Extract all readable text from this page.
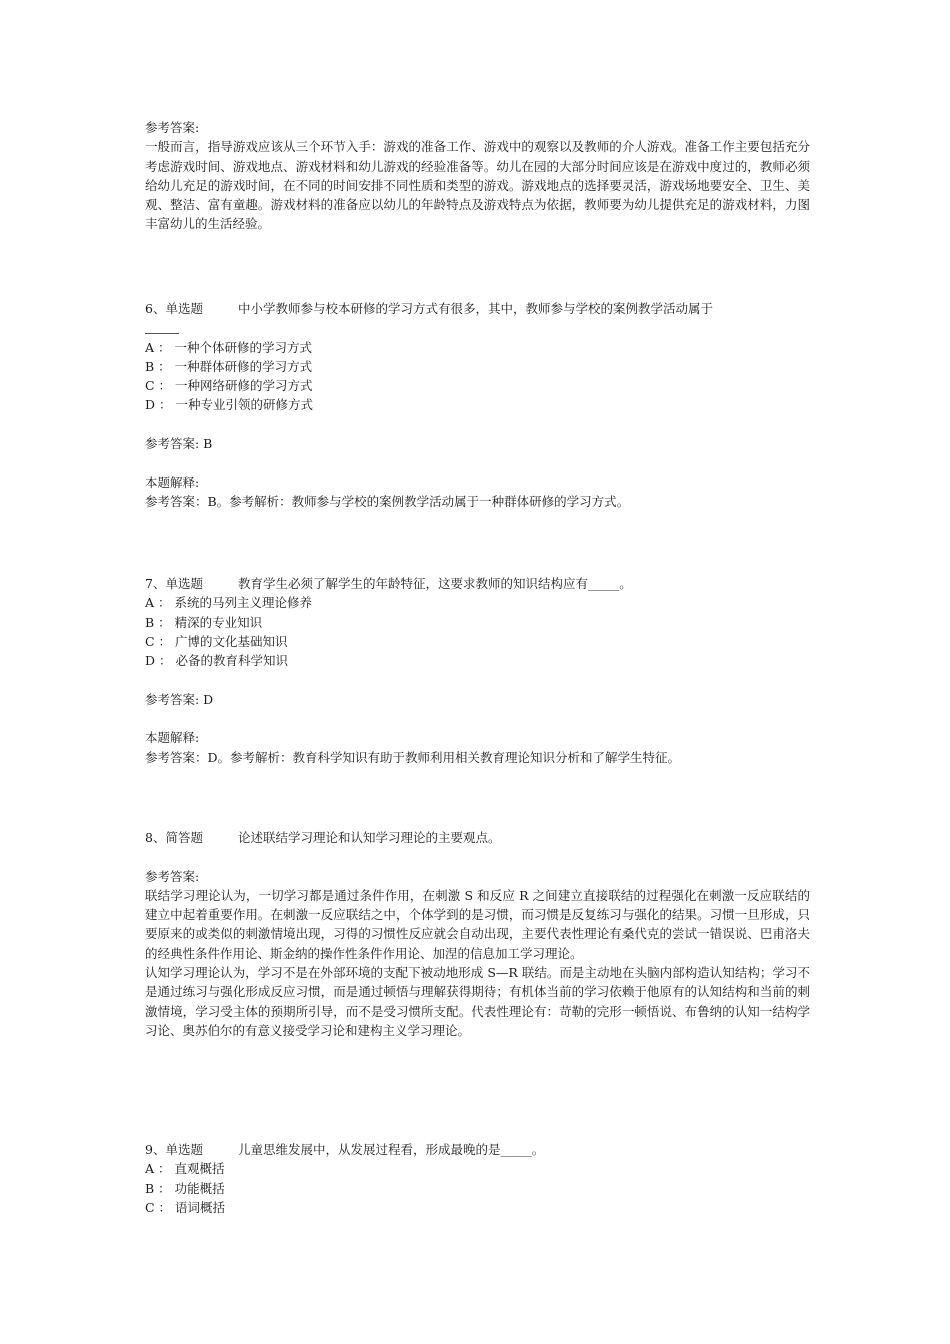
参考答案:
一般而言，指导游戏应该从三个环节入手：游戏的准备工作、游戏中的观察以及教师的介人游戏。准备工作主要包括充分考虑游戏时间、游戏地点、游戏材料和幼儿游戏的经验准备等。幼儿在园的大部分时间应该是在游戏中度过的，教师必须给幼儿充足的游戏时间，在不同的时间安排不同性质和类型的游戏。游戏地点的选择要灵活，游戏场地要安全、卫生、美观、整洁、富有童趣。游戏材料的准备应以幼儿的年龄特点及游戏特点为依据，教师要为幼儿提供充足的游戏材料，力图丰富幼儿的生活经验。
6、单选题	中小学教师参与校本研修的学习方式有很多，其中，教师参与学校的案例教学活动属于
A ： 一种个体研修的学习方式
B ： 一种群体研修的学习方式
C ： 一种网络研修的学习方式
D ： 一种专业引领的研修方式
参考答案: B
本题解释:
参考答案：B。参考解析：教师参与学校的案例教学活动属于一种群体研修的学习方式。
7、单选题	教育学生必须了解学生的年龄特征，这要求教师的知识结构应有_____。
A ： 系统的马列主义理论修养
B ： 精深的专业知识
C ： 广博的文化基础知识
D ： 必备的教育科学知识
参考答案: D
本题解释:
参考答案：D。参考解析：教育科学知识有助于教师利用相关教育理论知识分析和了解学生特征。
8、简答题	论述联结学习理论和认知学习理论的主要观点。
参考答案:
联结学习理论认为，一切学习都是通过条件作用，在刺激 S 和反应 R 之间建立直接联结的过程强化在刺激一反应联结的建立中起着重要作用。在刺激一反应联结之中，个体学到的是习惯，而习惯是反复练习与强化的结果。习惯一旦形成，只要原来的或类似的刺激情境出现，习得的习惯性反应就会自动出现，主要代表性理论有桑代克的尝试一错误说、巴甫洛夫的经典性条件作用论、斯金纳的操作性条件作用论、加涅的信息加工学习理论。
认知学习理论认为，学习不是在外部环境的支配下被动地形成 S—R 联结。而是主动地在头脑内部构造认知结构；学习不是通过练习与强化形成反应习惯，而是通过顿悟与理解获得期待；有机体当前的学习依赖于他原有的认知结构和当前的刺激情境，学习受主体的预期所引导，而不是受习惯所支配。代表性理论有：苛勒的完形一顿悟说、布鲁纳的认知一结构学习论、奥苏伯尔的有意义接受学习论和建构主义学习理论。
9、单选题	儿童思维发展中，从发展过程看，形成最晚的是_____。
A ： 直观概括
B ： 功能概括
C ： 语词概括
